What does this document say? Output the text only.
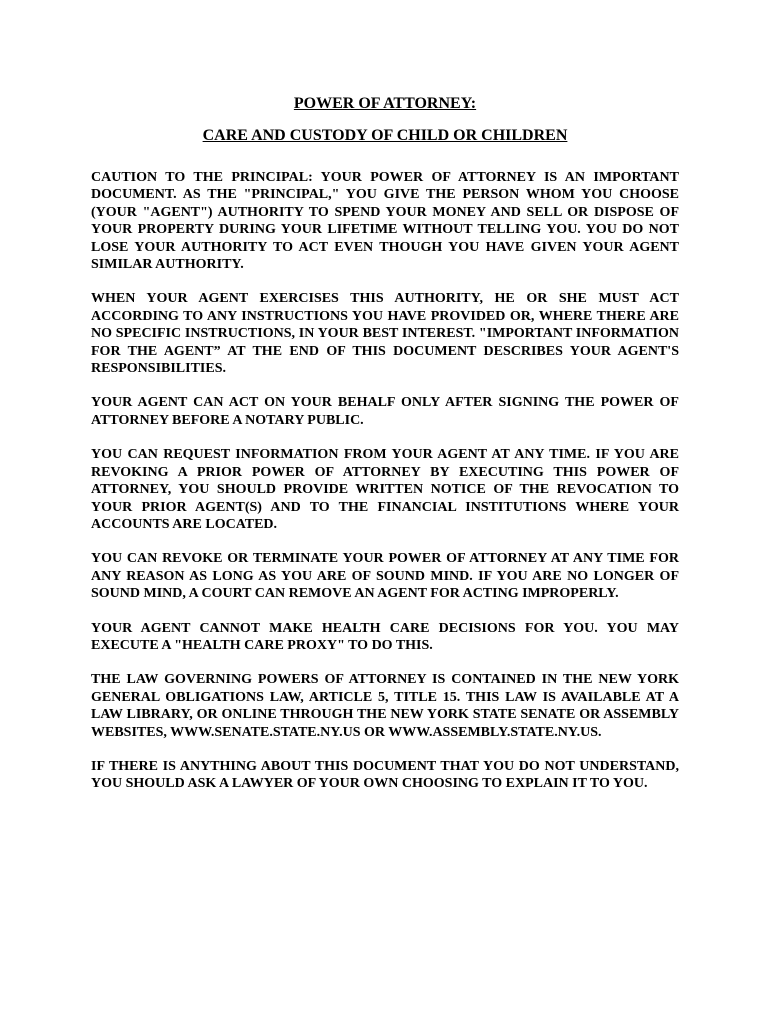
POWER OF ATTORNEY:

CARE AND CUSTODY OF CHILD OR CHILDREN

CAUTION TO THE PRINCIPAL: YOUR POWER OF ATTORNEY IS AN IMPORTANT DOCUMENT. AS THE "PRINCIPAL," YOU GIVE THE PERSON WHOM YOU CHOOSE (YOUR "AGENT") AUTHORITY TO SPEND YOUR MONEY AND SELL OR DISPOSE OF YOUR PROPERTY DURING YOUR LIFETIME WITHOUT TELLING YOU. YOU DO NOT LOSE YOUR AUTHORITY TO ACT EVEN THOUGH YOU HAVE GIVEN YOUR AGENT SIMILAR AUTHORITY.

WHEN YOUR AGENT EXERCISES THIS AUTHORITY, HE OR SHE MUST ACT ACCORDING TO ANY INSTRUCTIONS YOU HAVE PROVIDED OR, WHERE THERE ARE NO SPECIFIC INSTRUCTIONS, IN YOUR BEST INTEREST. "IMPORTANT INFORMATION FOR THE AGENT” AT THE END OF THIS DOCUMENT DESCRIBES YOUR AGENT'S RESPONSIBILITIES.

YOUR AGENT CAN ACT ON YOUR BEHALF ONLY AFTER SIGNING THE POWER OF ATTORNEY BEFORE A NOTARY PUBLIC.

YOU CAN REQUEST INFORMATION FROM YOUR AGENT AT ANY TIME. IF YOU ARE REVOKING A PRIOR POWER OF ATTORNEY BY EXECUTING THIS POWER OF ATTORNEY, YOU SHOULD PROVIDE WRITTEN NOTICE OF THE REVOCATION TO YOUR PRIOR AGENT(S) AND TO THE FINANCIAL INSTITUTIONS WHERE YOUR ACCOUNTS ARE LOCATED.

YOU CAN REVOKE OR TERMINATE YOUR POWER OF ATTORNEY AT ANY TIME FOR ANY REASON AS LONG AS YOU ARE OF SOUND MIND. IF YOU ARE NO LONGER OF SOUND MIND, A COURT CAN REMOVE AN AGENT FOR ACTING IMPROPERLY.

YOUR AGENT CANNOT MAKE HEALTH CARE DECISIONS FOR YOU. YOU MAY EXECUTE A "HEALTH CARE PROXY" TO DO THIS.

THE LAW GOVERNING POWERS OF ATTORNEY IS CONTAINED IN THE NEW YORK GENERAL OBLIGATIONS LAW, ARTICLE 5, TITLE 15. THIS LAW IS AVAILABLE AT A LAW LIBRARY, OR ONLINE THROUGH THE NEW YORK STATE SENATE OR ASSEMBLY WEBSITES, WWW.SENATE.STATE.NY.US OR WWW.ASSEMBLY.STATE.NY.US.

IF THERE IS ANYTHING ABOUT THIS DOCUMENT THAT YOU DO NOT UNDERSTAND, YOU SHOULD ASK A LAWYER OF YOUR OWN CHOOSING TO EXPLAIN IT TO YOU.
